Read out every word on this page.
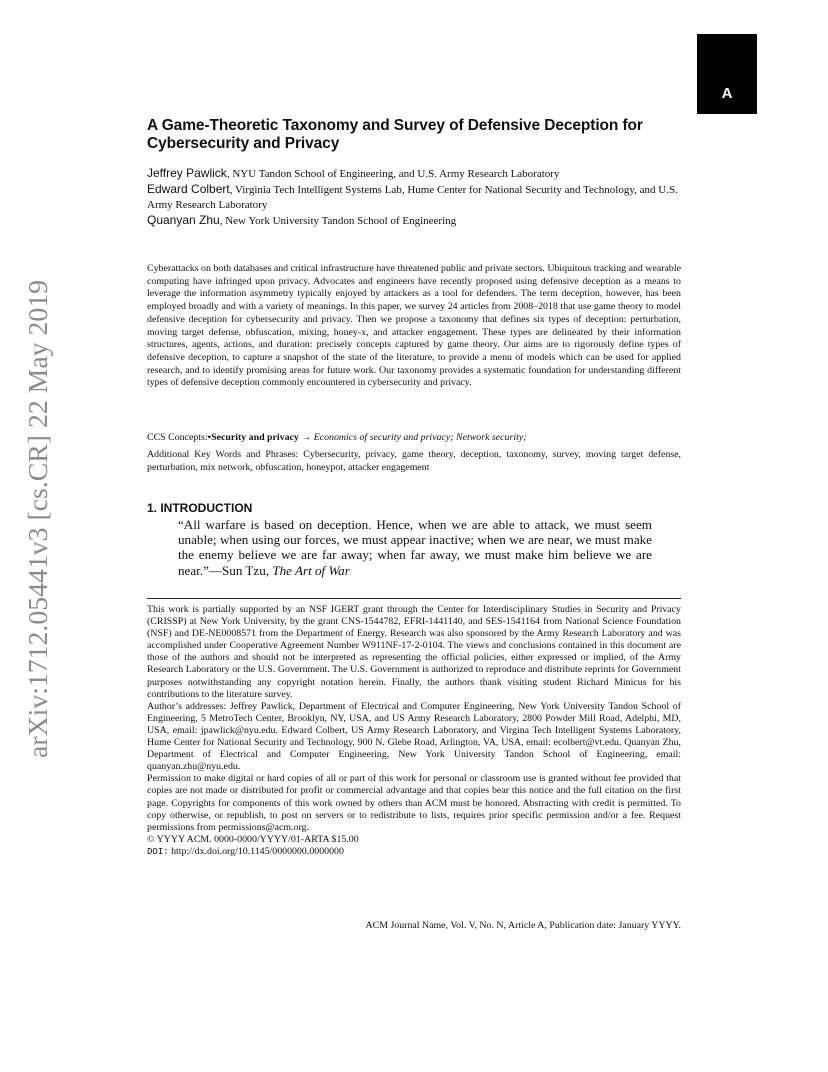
arXiv:1712.05441v3 [cs.CR] 22 May 2019
A
A Game-Theoretic Taxonomy and Survey of Defensive Deception for Cybersecurity and Privacy
Jeffrey Pawlick, NYU Tandon School of Engineering, and U.S. Army Research Laboratory
Edward Colbert, Virginia Tech Intelligent Systems Lab, Hume Center for National Security and Technology, and U.S. Army Research Laboratory
Quanyan Zhu, New York University Tandon School of Engineering
Cyberattacks on both databases and critical infrastructure have threatened public and private sectors. Ubiquitous tracking and wearable computing have infringed upon privacy. Advocates and engineers have recently proposed using defensive deception as a means to leverage the information asymmetry typically enjoyed by attackers as a tool for defenders. The term deception, however, has been employed broadly and with a variety of meanings. In this paper, we survey 24 articles from 2008–2018 that use game theory to model defensive deception for cybersecurity and privacy. Then we propose a taxonomy that defines six types of deception: perturbation, moving target defense, obfuscation, mixing, honey-x, and attacker engagement. These types are delineated by their information structures, agents, actions, and duration: precisely concepts captured by game theory. Our aims are to rigorously define types of defensive deception, to capture a snapshot of the state of the literature, to provide a menu of models which can be used for applied research, and to identify promising areas for future work. Our taxonomy provides a systematic foundation for understanding different types of defensive deception commonly encountered in cybersecurity and privacy.
CCS Concepts:•Security and privacy → Economics of security and privacy; Network security;
Additional Key Words and Phrases: Cybersecurity, privacy, game theory, deception, taxonomy, survey, moving target defense, perturbation, mix network, obfuscation, honeypot, attacker engagement
1. INTRODUCTION
“All warfare is based on deception. Hence, when we are able to attack, we must seem unable; when using our forces, we must appear inactive; when we are near, we must make the enemy believe we are far away; when far away, we must make him believe we are near.”—Sun Tzu, The Art of War

This work is partially supported by an NSF IGERT grant through the Center for Interdisciplinary Studies in Security and Privacy (CRISSP) at New York University, by the grant CNS-1544782, EFRI-1441140, and SES-1541164 from National Science Foundation (NSF) and DE-NE0008571 from the Department of Energy. Research was also sponsored by the Army Research Laboratory and was accomplished under Cooperative Agreement Number W911NF-17-2-0104. The views and conclusions contained in this document are those of the authors and should not be interpreted as representing the official policies, either expressed or implied, of the Army Research Laboratory or the U.S. Government. The U.S. Government is authorized to reproduce and distribute reprints for Government purposes notwithstanding any copyright notation herein. Finally, the authors thank visiting student Richard Minicus for his contributions to the literature survey.

Author’s addresses: Jeffrey Pawlick, Department of Electrical and Computer Engineering, New York University Tandon School of Engineering, 5 MetroTech Center, Brooklyn, NY, USA, and US Army Research Laboratory, 2800 Powder Mill Road, Adelphi, MD, USA, email: jpawlick@nyu.edu. Edward Colbert, US Army Research Laboratory, and Virgina Tech Intelligent Systems Laboratory, Hume Center for National Security and Technology, 900 N. Glebe Road, Arlington, VA, USA, email: ecolbert@vt.edu. Quanyan Zhu, Department of Electrical and Computer Engineering, New York University Tandon School of Engineering, email: quanyan.zhu@nyu.edu.

Permission to make digital or hard copies of all or part of this work for personal or classroom use is granted without fee provided that copies are not made or distributed for profit or commercial advantage and that copies bear this notice and the full citation on the first page. Copyrights for components of this work owned by others than ACM must be honored. Abstracting with credit is permitted. To copy otherwise, or republish, to post on servers or to redistribute to lists, requires prior specific permission and/or a fee. Request permissions from permissions@acm.org.

© YYYY ACM. 0000-0000/YYYY/01-ARTA $15.00

DOI: http://dx.doi.org/10.1145/0000000.0000000

ACM Journal Name, Vol. V, No. N, Article A, Publication date: January YYYY.
